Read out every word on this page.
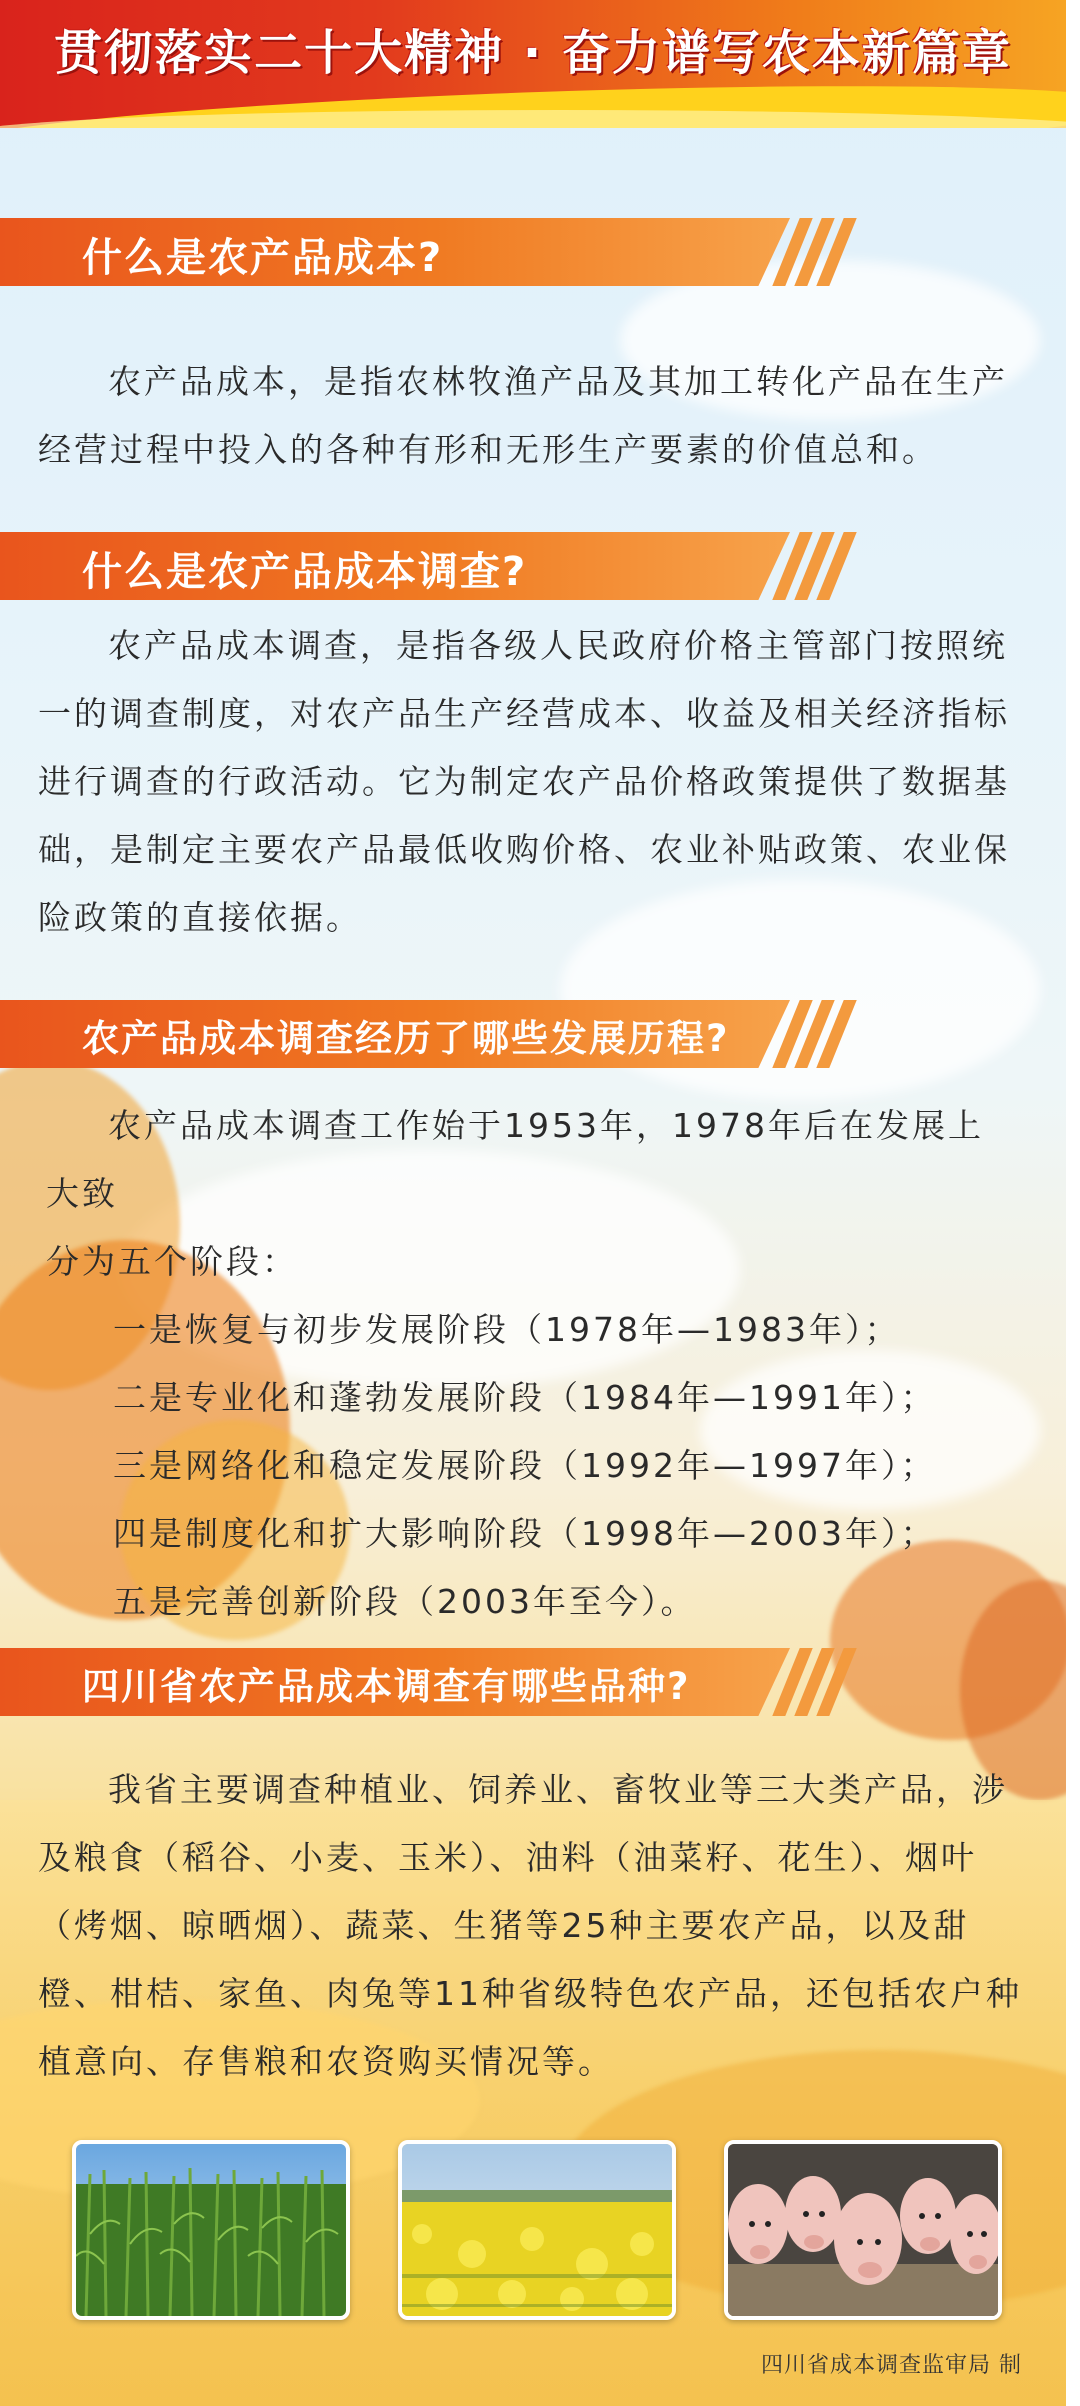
贯彻落实二十大精神 · 奋力谱写农本新篇章
什么是农产品成本?

农产品成本，是指农林牧渔产品及其加工转化产品在生产经营过程中投入的各种有形和无形生产要素的价值总和。

什么是农产品成本调查?

农产品成本调查，是指各级人民政府价格主管部门按照统一的调查制度，对农产品生产经营成本、收益及相关经济指标进行调查的行政活动。它为制定农产品价格政策提供了数据基础，是制定主要农产品最低收购价格、农业补贴政策、农业保险政策的直接依据。

农产品成本调查经历了哪些发展历程?

农产品成本调查工作始于1953年，1978年后在发展上

大致

分为五个阶段：

一是恢复与初步发展阶段（1978年—1983年）；

二是专业化和蓬勃发展阶段（1984年—1991年）；

三是网络化和稳定发展阶段（1992年—1997年）；

四是制度化和扩大影响阶段（1998年—2003年）；

五是完善创新阶段（2003年至今）。

四川省农产品成本调查有哪些品种?

我省主要调查种植业、饲养业、畜牧业等三大类产品，涉及粮食（稻谷、小麦、玉米）、油料（油菜籽、花生）、烟叶（烤烟、晾晒烟）、蔬菜、生猪等25种主要农产品，以及甜橙、柑桔、家鱼、肉兔等11种省级特色农产品，还包括农户种植意向、存售粮和农资购买情况等。

四川省成本调查监审局 制
